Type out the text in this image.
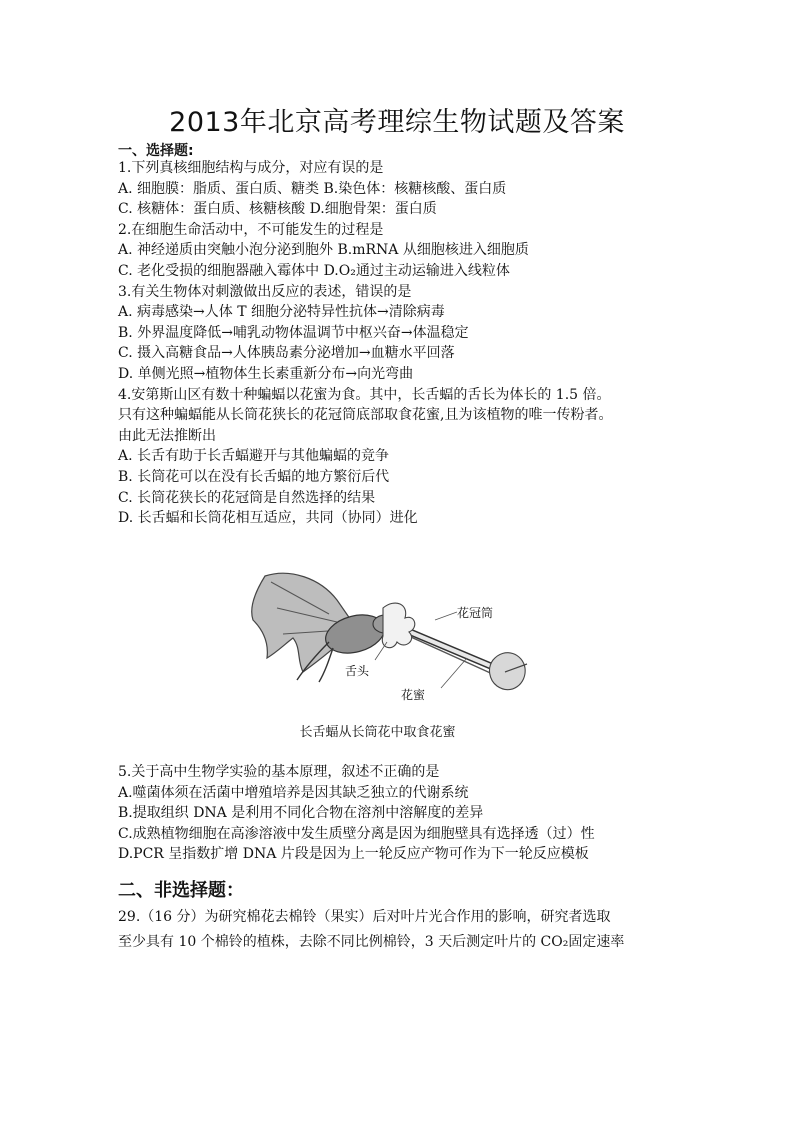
2013年北京高考理综生物试题及答案
一、选择题:
1.下列真核细胞结构与成分，对应有误的是
A. 细胞膜：脂质、蛋白质、糖类 B.染色体：核糖核酸、蛋白质
C. 核糖体：蛋白质、核糖核酸 D.细胞骨架：蛋白质
2.在细胞生命活动中，不可能发生的过程是
A. 神经递质由突触小泡分泌到胞外 B.mRNA 从细胞核进入细胞质
C. 老化受损的细胞器融入霉体中 D.O₂通过主动运输进入线粒体
3.有关生物体对刺激做出反应的表述，错误的是
A. 病毒感染→人体 T 细胞分泌特异性抗体→清除病毒
B. 外界温度降低→哺乳动物体温调节中枢兴奋→体温稳定
C. 摄入高糖食品→人体胰岛素分泌增加→血糖水平回落
D. 单侧光照→植物体生长素重新分布→向光弯曲
4.安第斯山区有数十种蝙蝠以花蜜为食。其中，长舌蝠的舌长为体长的 1.5 倍。
只有这种蝙蝠能从长筒花狭长的花冠筒底部取食花蜜,且为该植物的唯一传粉者。
由此无法推断出
A. 长舌有助于长舌蝠避开与其他蝙蝠的竞争
B. 长筒花可以在没有长舌蝠的地方繁衍后代
C. 长筒花狭长的花冠筒是自然选择的结果
D. 长舌蝠和长筒花相互适应，共同（协同）进化
花冠筒
舌头
花蜜
长舌蝠从长筒花中取食花蜜
5.关于高中生物学实验的基本原理，叙述不正确的是
A.噬菌体须在活菌中增殖培养是因其缺乏独立的代谢系统
B.提取组织 DNA 是利用不同化合物在溶剂中溶解度的差异
C.成熟植物细胞在高渗溶液中发生质壁分离是因为细胞壁具有选择透（过）性
D.PCR 呈指数扩增 DNA 片段是因为上一轮反应产物可作为下一轮反应模板
二、非选择题：
29.（16 分）为研究棉花去棉铃（果实）后对叶片光合作用的影响，研究者选取
至少具有 10 个棉铃的植株，去除不同比例棉铃，3 天后测定叶片的 CO₂固定速率
